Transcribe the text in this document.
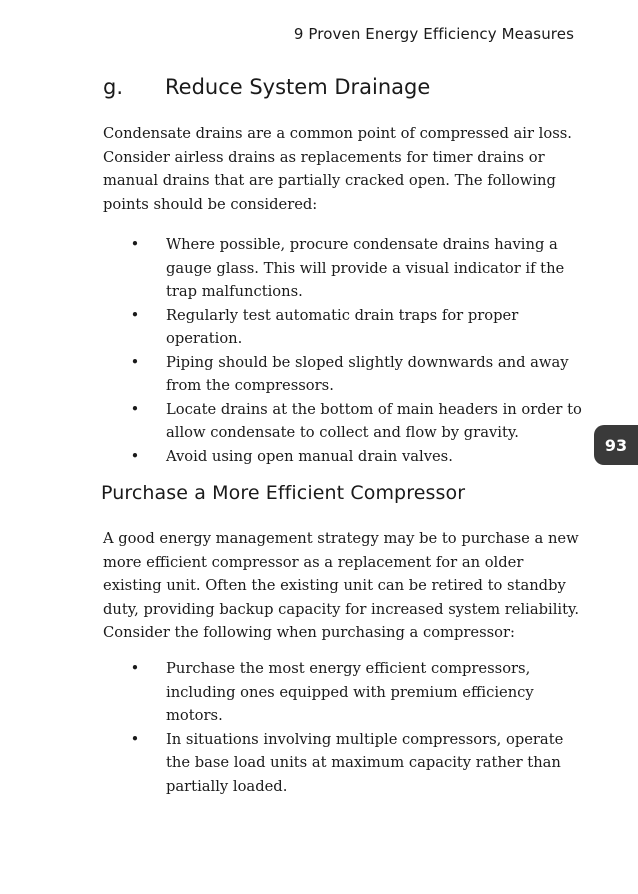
9 Proven Energy Efficiency Measures
g.	Reduce System Drainage

Condensate drains are a common point of compressed air loss. Consider airless drains as replacements for timer drains or manual drains that are partially cracked open. The following points should be considered:

•	Where possible, procure condensate drains having a gauge glass. This will provide a visual indicator if the trap malfunctions.
•	Regularly test automatic drain traps for proper operation.
•	Piping should be sloped slightly downwards and away from the compressors.
•	Locate drains at the bottom of main headers in order to allow condensate to collect and flow by gravity.
•	Avoid using open manual drain valves.
Purchase a More Efficient Compressor

A good energy management strategy may be to purchase a new more efficient compressor as a replacement for an older existing unit. Often the existing unit can be retired to standby duty, providing backup capacity for increased system reliability. Consider the following when purchasing a compressor:

•	Purchase the most energy efficient compressors, including ones equipped with premium efficiency motors.
•	In situations involving multiple compressors, operate the base load units at maximum capacity rather than partially loaded.
93
